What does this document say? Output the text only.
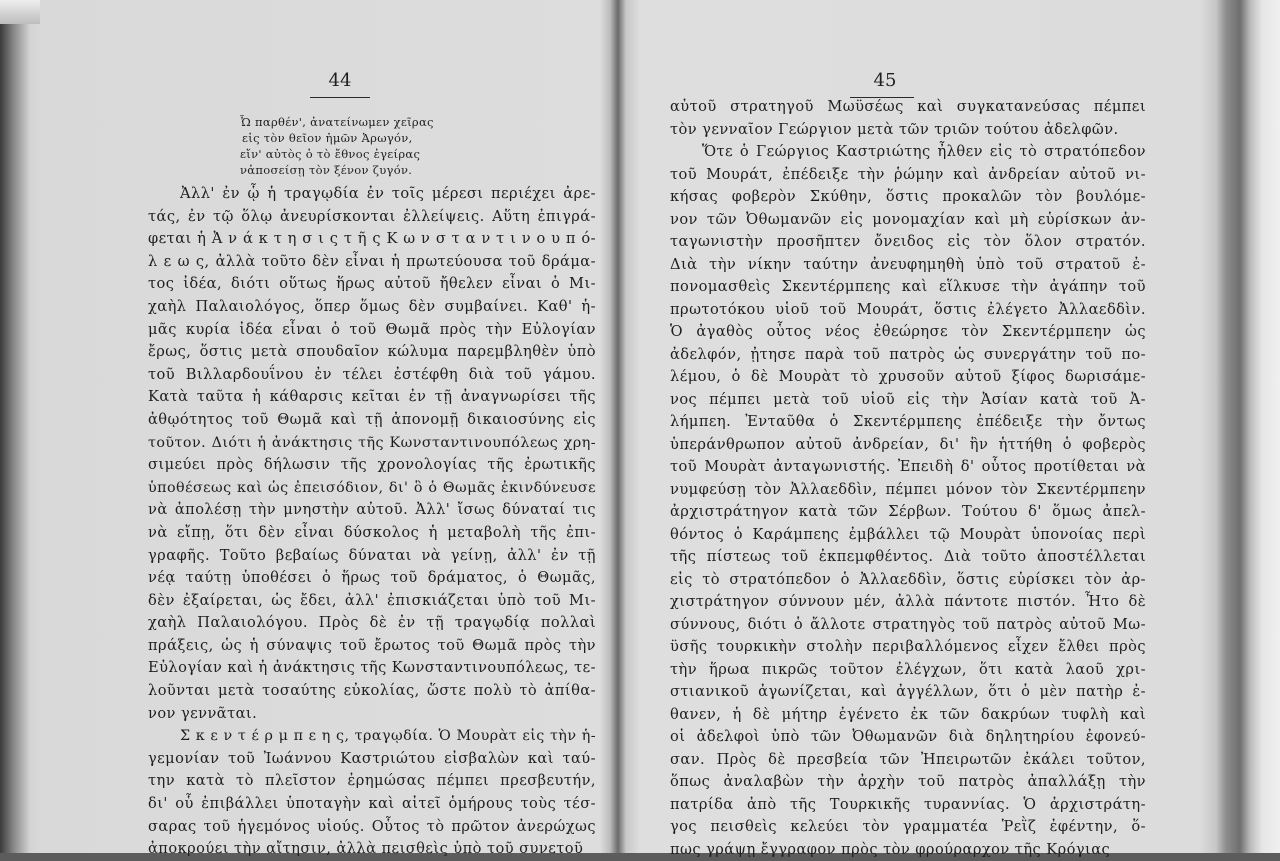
44
Ὦ παρθέν', ἀνατείνωμεν χεῖρας
εἰς τὸν θεῖον ἡμῶν Ἀρωγόν,
εἴν' αὐτὸς ὁ τὸ ἔθνος ἐγείρας
νἀποσείσῃ τὸν ξένον ζυγόν.
Ἀλλ' ἐν ᾧ ἡ τραγῳδία ἐν τοῖς μέρεσι περιέχει ἀρε-
τάς, ἐν τῷ ὅλῳ ἀνευρίσκονται ἐλλείψεις. Αὕτη ἐπιγρά-
φεται ἡ Ἀ ν ά κ τ η σ ι ς τ ῆ ς Κ ω ν σ τ α ν τ ι ν ο υ π ό-
λ ε ω ς, ἀλλὰ τοῦτο δὲν εἶναι ἡ πρωτεύουσα τοῦ δράμα-
τος ἰδέα, διότι οὕτως ἥρως αὐτοῦ ἤθελεν εἶναι ὁ Μι-
χαὴλ Παλαιολόγος, ὅπερ ὅμως δὲν συμβαίνει. Καθ' ἡ-
μᾶς κυρία ἰδέα εἶναι ὁ τοῦ Θωμᾶ πρὸς τὴν Εὐλογίαν
ἔρως, ὅστις μετὰ σπουδαῖον κώλυμα παρεμβληθὲν ὑπὸ
τοῦ Βιλλαρδουΐνου ἐν τέλει ἐστέφθη διὰ τοῦ γάμου.
Κατὰ ταῦτα ἡ κάθαρσις κεῖται ἐν τῇ ἀναγνωρίσει τῆς
ἀθῳότητος τοῦ Θωμᾶ καὶ τῇ ἀπονομῇ δικαιοσύνης εἰς
τοῦτον. Διότι ἡ ἀνάκτησις τῆς Κωνσταντινουπόλεως χρη-
σιμεύει πρὸς δήλωσιν τῆς χρονολογίας τῆς ἐρωτικῆς
ὑποθέσεως καὶ ὡς ἐπεισόδιον, δι' ὃ ὁ Θωμᾶς ἐκινδύνευσε
νὰ ἀπολέσῃ τὴν μνηστὴν αὐτοῦ. Ἀλλ' ἴσως δύναταί τις
νὰ εἴπῃ, ὅτι δὲν εἶναι δύσκολος ἡ μεταβολὴ τῆς ἐπι-
γραφῆς. Τοῦτο βεβαίως δύναται νὰ γείνῃ, ἀλλ' ἐν τῇ
νέᾳ ταύτῃ ὑποθέσει ὁ ἥρως τοῦ δράματος, ὁ Θωμᾶς,
δὲν ἐξαίρεται, ὡς ἔδει, ἀλλ' ἐπισκιάζεται ὑπὸ τοῦ Μι-
χαὴλ Παλαιολόγου. Πρὸς δὲ ἐν τῇ τραγῳδίᾳ πολλαὶ
πράξεις, ὡς ἡ σύναψις τοῦ ἔρωτος τοῦ Θωμᾶ πρὸς τὴν
Εὐλογίαν καὶ ἡ ἀνάκτησις τῆς Κωνσταντινουπόλεως, τε-
λοῦνται μετὰ τοσαύτης εὐκολίας, ὥστε πολὺ τὸ ἀπίθα-
νον γεννᾶται.
Σ κ ε ν τ έ ρ μ π ε η ς, τραγῳδία. Ὁ Μουρὰτ εἰς τὴν ἡ-
γεμονίαν τοῦ Ἰωάννου Καστριώτου εἰσβαλὼν καὶ ταύ-
την κατὰ τὸ πλεῖστον ἐρημώσας πέμπει πρεσβευτήν,
δι' οὗ ἐπιβάλλει ὑποταγὴν καὶ αἰτεῖ ὁμήρους τοὺς τέσ-
σαρας τοῦ ἡγεμόνος υἱούς. Οὗτος τὸ πρῶτον ἀνερώχως
ἀποκρούει τὴν αἴτησιν, ἀλλὰ πεισθεὶς ὑπὸ τοῦ συνετοῦ
45
αὐτοῦ στρατηγοῦ Μωϋσέως καὶ συγκατανεύσας πέμπει
τὸν γενναῖον Γεώργιον μετὰ τῶν τριῶν τούτου ἀδελφῶν.
Ὅτε ὁ Γεώργιος Καστριώτης ἦλθεν εἰς τὸ στρατόπεδον
τοῦ Μουράτ, ἐπέδειξε τὴν ῥώμην καὶ ἀνδρείαν αὐτοῦ νι-
κήσας φοβερὸν Σκύθην, ὅστις προκαλῶν τὸν βουλόμε-
νον τῶν Ὀθωμανῶν εἰς μονομαχίαν καὶ μὴ εὑρίσκων ἀν-
ταγωνιστὴν προσῆπτεν ὄνειδος εἰς τὸν ὅλον στρατόν.
Διὰ τὴν νίκην ταύτην ἀνευφημηθὴ ὑπὸ τοῦ στρατοῦ ἐ-
πονομασθεὶς Σκεντέρμπεης καὶ εἵλκυσε τὴν ἀγάπην τοῦ
πρωτοτόκου υἱοῦ τοῦ Μουράτ, ὅστις ἐλέγετο Ἀλλαεδδὶν.
Ὁ ἀγαθὸς οὗτος νέος ἐθεώρησε τὸν Σκεντέρμπεην ὡς
ἀδελφόν, ᾐτησε παρὰ τοῦ πατρὸς ὡς συνεργάτην τοῦ πο-
λέμου, ὁ δὲ Μουρὰτ τὸ χρυσοῦν αὐτοῦ ξίφος δωρισάμε-
νος πέμπει μετὰ τοῦ υἱοῦ εἰς τὴν Ἀσίαν κατὰ τοῦ Ἀ-
λήμπεη. Ἐνταῦθα ὁ Σκεντέρμπεης ἐπέδειξε τὴν ὄντως
ὑπεράνθρωπον αὐτοῦ ἀνδρείαν, δι' ἣν ἡττήθη ὁ φοβερὸς
τοῦ Μουρὰτ ἀνταγωνιστής. Ἐπειδὴ δ' οὗτος προτίθεται νὰ
νυμφεύσῃ τὸν Ἀλλαεδδὶν, πέμπει μόνον τὸν Σκεντέρμπεην
ἀρχιστράτηγον κατὰ τῶν Σέρβων. Τούτου δ' ὅμως ἀπελ-
θόντος ὁ Καράμπεης ἐμβάλλει τῷ Μουρὰτ ὑπονοίας περὶ
τῆς πίστεως τοῦ ἐκπεμφθέντος. Διὰ τοῦτο ἀποστέλλεται
εἰς τὸ στρατόπεδον ὁ Ἀλλαεδδὶν, ὅστις εὑρίσκει τὸν ἀρ-
χιστράτηγον σύννουν μέν, ἀλλὰ πάντοτε πιστόν. Ἦτο δὲ
σύννους, διότι ὁ ἄλλοτε στρατηγὸς τοῦ πατρὸς αὐτοῦ Μω-
ϋσῆς τουρκικὴν στολὴν περιβαλλόμενος εἶχεν ἔλθει πρὸς
τὴν ἥρωα πικρῶς τοῦτον ἐλέγχων, ὅτι κατὰ λαοῦ χρι-
στιανικοῦ ἀγωνίζεται, καὶ ἀγγέλλων, ὅτι ὁ μὲν πατὴρ ἐ-
θανεν, ἡ δὲ μήτηρ ἐγένετο ἐκ τῶν δακρύων τυφλὴ καὶ
οἱ ἀδελφοὶ ὑπὸ τῶν Ὀθωμανῶν διὰ δηλητηρίου ἐφονεύ-
σαν. Πρὸς δὲ πρεσβεία τῶν Ἠπειρωτῶν ἐκάλει τοῦτον,
ὅπως ἀναλαβὼν τὴν ἀρχὴν τοῦ πατρὸς ἀπαλλάξῃ τὴν
πατρίδα ἀπὸ τῆς Τουρκικῆς τυραννίας. Ὁ ἀρχιστράτη-
γος πεισθεὶς κελεύει τὸν γραμματέα Ῥεῒζ ἐφέντην, ὅ-
πως γράψῃ ἔγγραφον πρὸς τὸν φρούραρχον τῆς Κρόγιας
